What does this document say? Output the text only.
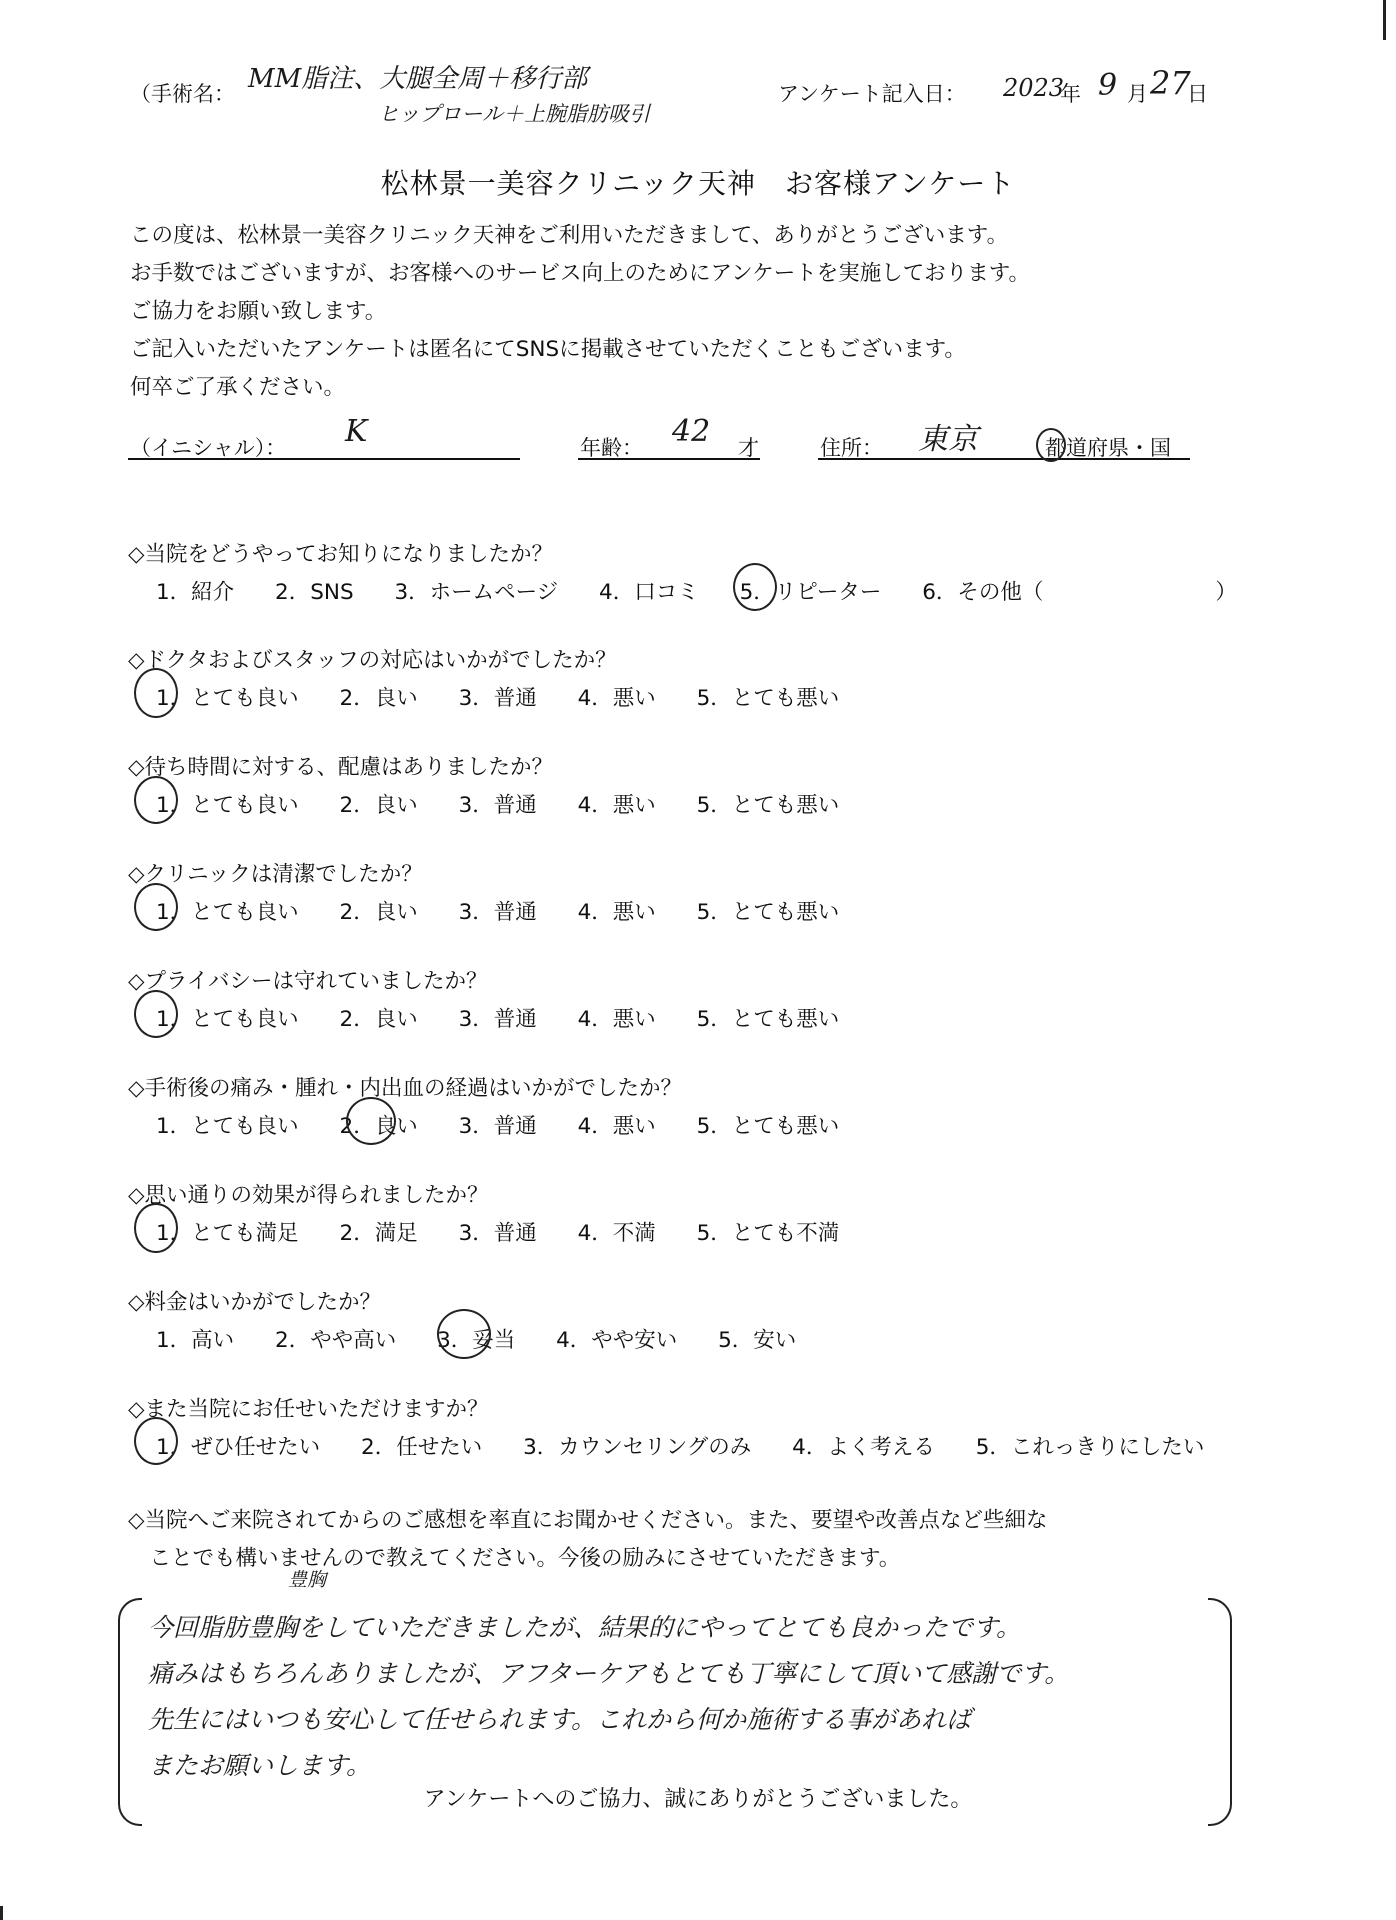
（手術名： MM脂注、大腿全周＋移行部
ヒップロール＋上腕脂肪吸引
アンケート記入日： 2023
年 9 月 27
日
松林景一美容クリニック天神　お客様アンケート
この度は、松林景一美容クリニック天神をご利用いただきまして、ありがとうございます。
お手数ではございますが、お客様へのサービス向上のためにアンケートを実施しております。
ご協力をお願い致します。
ご記入いただいたアンケートは匿名にてSNSに掲載させていただくこともございます。
何卒ご了承ください。
（イニシャル）： K	年齢： 42 才	住所： 東京	都道府県・国
◇当院をどうやってお知りになりましたか？
1．紹介 2．SNS 3．ホームページ 4．口コミ 5．リピーター 6．その他（　　　　　　　　）
◇ドクタおよびスタッフの対応はいかがでしたか？
1．とても良い 2．良い 3．普通 4．悪い 5．とても悪い
◇待ち時間に対する、配慮はありましたか？
1．とても良い 2．良い 3．普通 4．悪い 5．とても悪い
◇クリニックは清潔でしたか？
1．とても良い 2．良い 3．普通 4．悪い 5．とても悪い
◇プライバシーは守れていましたか？
1．とても良い 2．良い 3．普通 4．悪い 5．とても悪い
◇手術後の痛み・腫れ・内出血の経過はいかがでしたか？
1．とても良い 2．良い 3．普通 4．悪い 5．とても悪い
◇思い通りの効果が得られましたか？
1．とても満足 2．満足 3．普通 4．不満 5．とても不満
◇料金はいかがでしたか？
1．高い 2．やや高い 3．妥当 4．やや安い 5．安い
◇また当院にお任せいただけますか？
1．ぜひ任せたい 2．任せたい 3．カウンセリングのみ 4．よく考える 5．これっきりにしたい
◇当院へご来院されてからのご感想を率直にお聞かせください。また、要望や改善点など些細な
　ことでも構いませんので教えてください。今後の励みにさせていただきます。
豊胸
今回脂肪豊胸をしていただきましたが、結果的にやってとても良かったです。
痛みはもちろんありましたが、アフターケアもとても丁寧にして頂いて感謝です。
先生にはいつも安心して任せられます。これから何か施術する事があれば
またお願いします。
アンケートへのご協力、誠にありがとうございました。
